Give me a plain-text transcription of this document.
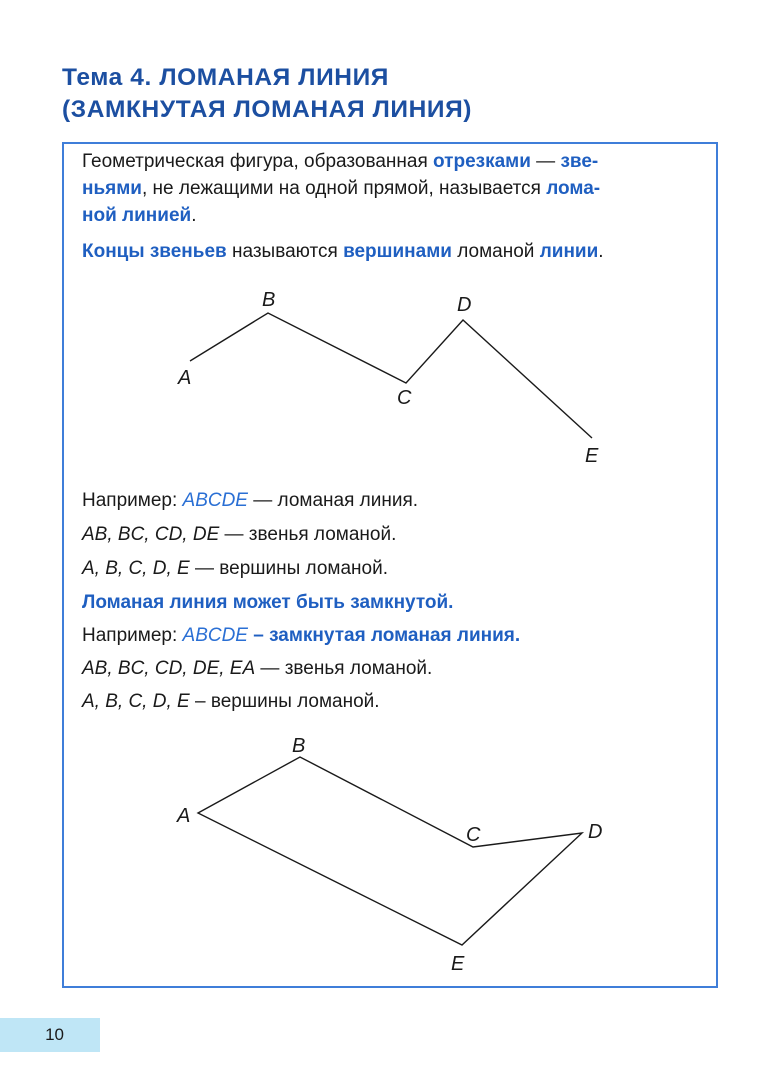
Тема 4. ЛОМАНАЯ ЛИНИЯ
(ЗАМКНУТАЯ ЛОМАНАЯ ЛИНИЯ)
Геометрическая фигура, образованная отрезками — зве-
ньями, не лежащими на одной прямой, называется лома-
ной линией.
Концы звеньев называются вершинами ломаной линии.
A
B
C
D
E
A
B
C	D
E
Например: ABCDE — ломаная линия.
AB, BC, CD, DE — звенья ломаной.
A, B, C, D, E — вершины ломаной.
Ломаная линия может быть замкнутой.
Например: ABCDE – замкнутая ломаная линия.
AB, BC, CD, DE, EA — звенья ломаной.
A, B, C, D, E – вершины ломаной.
10
